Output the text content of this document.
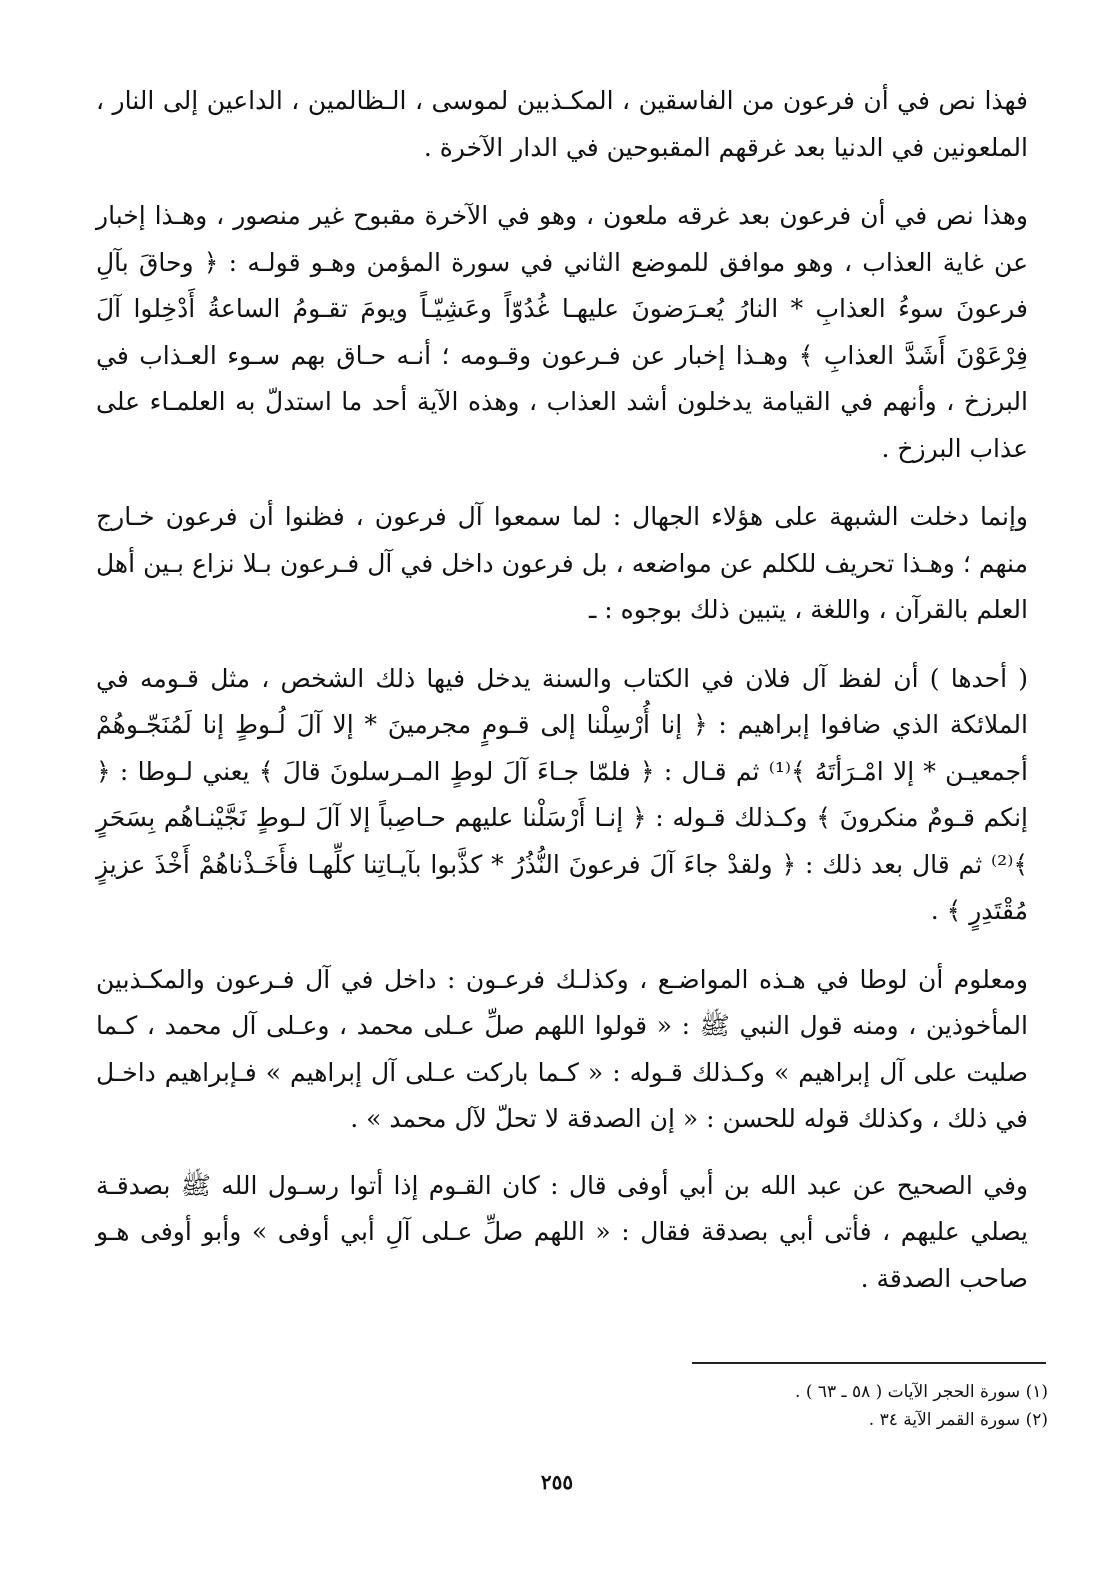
فهذا نص في أن فرعون من الفاسقين ، المكـذبين لموسى ، الـظالمين ، الداعين إلى النار ، الملعونين في الدنيا بعد غرقهم المقبوحين في الدار الآخرة .

وهذا نص في أن فرعون بعد غرقه ملعون ، وهو في الآخرة مقبوح غير منصور ، وهـذا إخبار عن غاية العذاب ، وهو موافق للموضع الثاني في سورة المؤمن وهـو قولـه : ﴿ وحاقَ بآلِ فرعونَ سوءُ العذابِ * النارُ يُعـرَضونَ عليهـا غُدُوّاً وعَشِيّـاً ويومَ تقـومُ الساعةُ أَدْخِلوا آلَ فِرْعَوْنَ أَشَدَّ العذابِ ﴾ وهـذا إخبار عن فـرعون وقـومه ؛ أنـه حـاق بهم سـوء العـذاب في البرزخ ، وأنهم في القيامة يدخلون أشد العذاب ، وهذه الآية أحد ما استدلّ به العلمـاء على عذاب البرزخ .

وإنما دخلت الشبهة على هؤلاء الجهال : لما سمعوا آل فرعون ، فظنوا أن فرعون خـارج منهم ؛ وهـذا تحريف للكلم عن مواضعه ، بل فرعون داخل في آل فـرعون بـلا نزاع بـين أهل العلم بالقرآن ، واللغة ، يتبين ذلك بوجوه : ـ

( أحدها ) أن لفظ آل فلان في الكتاب والسنة يدخل فيها ذلك الشخص ، مثل قـومه في الملائكة الذي ضافوا إبراهيم : ﴿ إنا أُرْسِلْنا إلى قـومٍ مجرمينَ * إلا آلَ لُـوطٍ إنا لَمُنَجّـوهُمْ أجمعيـن * إلا امْـرَأتَهُ ﴾⁽¹⁾ ثم قـال : ﴿ فلمّا جـاءَ آلَ لوطٍ المـرسلونَ قالَ ﴾ يعني لـوطا : ﴿ إنكم قـومٌ منكرونَ ﴾ وكـذلك قـوله : ﴿ إنـا أَرْسَلْنا عليهم حـاصِباً إلا آلَ لـوطٍ نَجَّيْنـاهُم بِسَحَرٍ ﴾⁽²⁾ ثم قال بعد ذلك : ﴿ ولقدْ جاءَ آلَ فرعونَ النُّذُرُ * كذَّبوا بآيـاتِنا كلِّهـا فأَخَـذْناهُمْ أَخْذَ عزيزٍ مُقْتَدِرٍ ﴾ .

ومعلوم أن لوطا في هـذه المواضـع ، وكذلـك فرعـون : داخل في آل فـرعون والمكـذبين المأخوذين ، ومنه قول النبي ﷺ : « قولوا اللهم صلِّ عـلى محمد ، وعـلى آل محمد ، كـما صليت على آل إبراهيم » وكـذلك قـوله : « كـما باركت عـلى آل إبراهيم » فـإبراهيم داخـل في ذلك ، وكذلك قوله للحسن : « إن الصدقة لا تحلّ لآل محمد » .

وفي الصحيح عن عبد الله بن أبي أوفى قال : كان القـوم إذا أتوا رسـول الله ﷺ بصدقـة يصلي عليهم ، فأتى أبي بصدقة فقال : « اللهم صلِّ عـلى آلِ أبي أوفى » وأبو أوفى هـو صاحب الصدقة .

(١) سورة الحجر الآيات ( ٥٨ ـ ٦٣ ) .

(٢) سورة القمر الآية ٣٤ .

٢٥٥
